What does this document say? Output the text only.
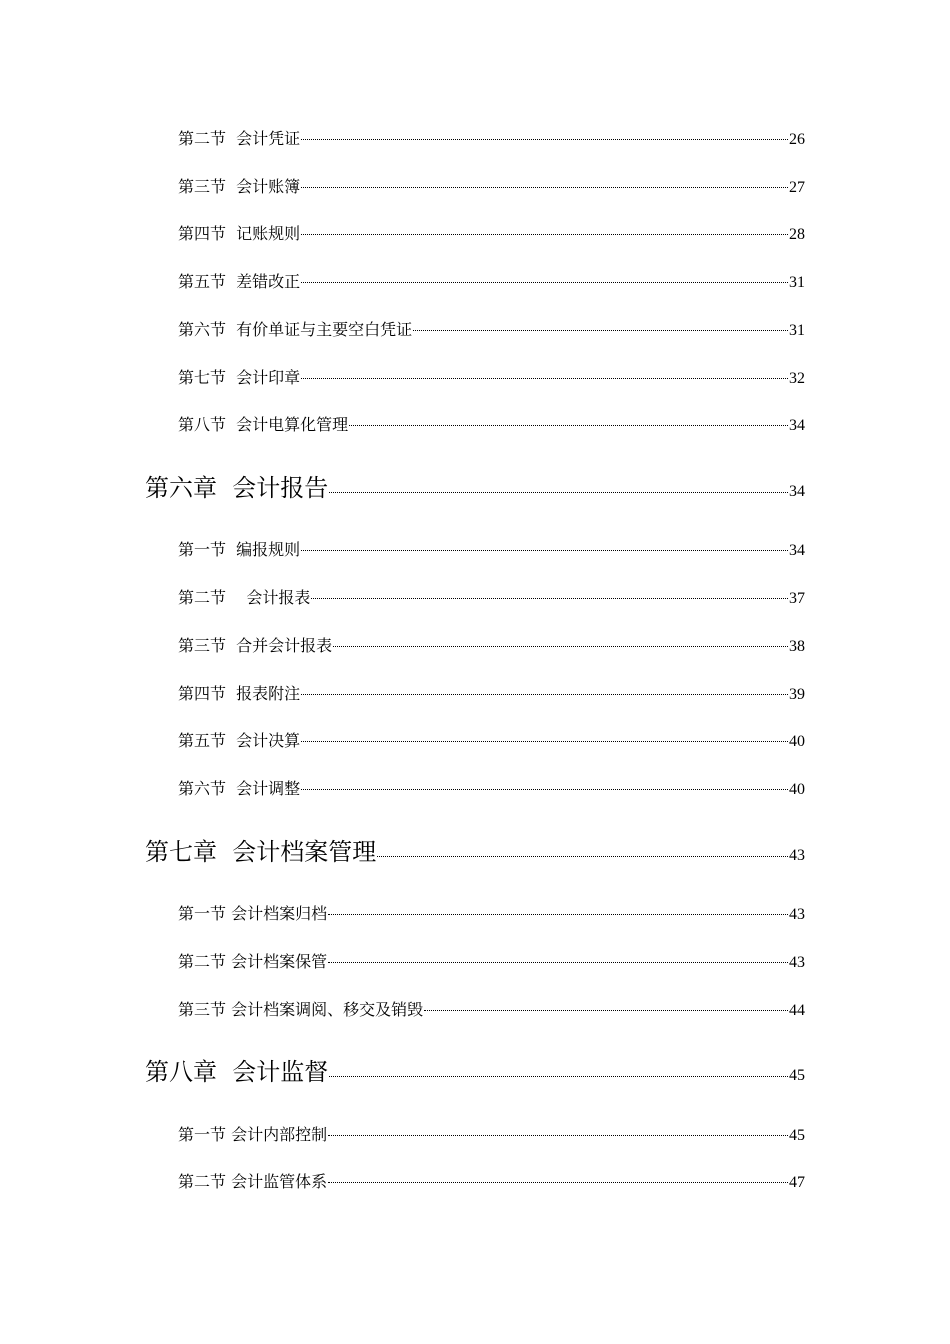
第二节  会计凭证	26
第三节  会计账簿	27
第四节  记账规则	28
第五节  差错改正	31
第六节  有价单证与主要空白凭证	31
第七节  会计印章	32
第八节  会计电算化管理	34
第六章  会计报告	34
第一节  编报规则	34
第二节    会计报表	37
第三节  合并会计报表	38
第四节  报表附注	39
第五节  会计决算	40
第六节  会计调整	40
第七章  会计档案管理	43
第一节 会计档案归档	43
第二节 会计档案保管	43
第三节 会计档案调阅、移交及销毁	44
第八章  会计监督	45
第一节 会计内部控制	45
第二节 会计监管体系	47
